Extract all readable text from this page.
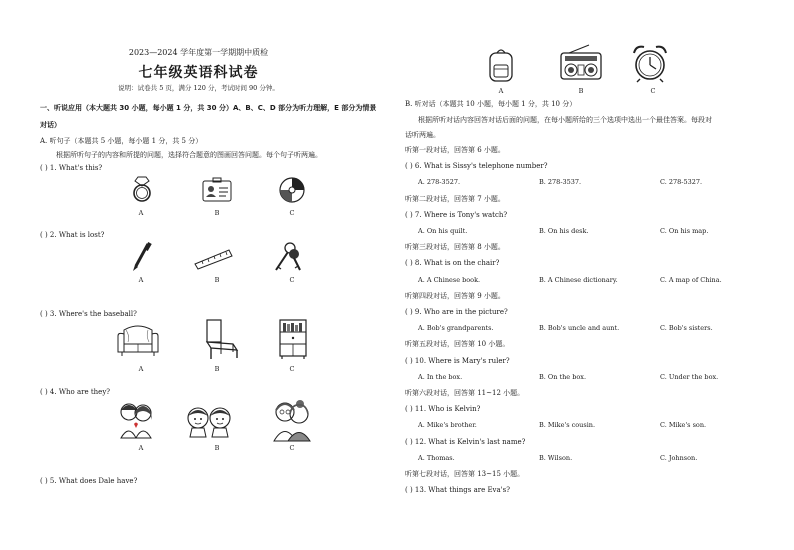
2023—2024 学年度第一学期期中质检
七年级英语科试卷
说明：试卷共 5 页，满分 120 分，考试时间 90 分钟。
一、听说应用（本大题共 30 小题，每小题 1 分，共 30 分）A、B、C、D 部分为听力理解，E 部分为情景
对话）
A. 听句子（本题共 5 小题，每小题 1 分，共 5 分）
根据所听句子的内容和所提的问题，选择符合题意的图画回答问题。每个句子听两遍。
( ) 1. What's this?
A	B	C
( ) 2. What is lost?
A	B	C
( ) 3. Where's the baseball?
A	B	C
( ) 4. Who are they?
A	B	C
( ) 5. What does Dale have?
A	B	C
B. 听对话（本题共 10 小题，每小题 1 分，共 10 分）
根据所听对话内容回答对话后面的问题，在每小题所给的三个选项中选出一个最佳答案。每段对
话听两遍。
听第一段对话，回答第 6 小题。
( ) 6. What is Sissy's telephone number?
A. 278-3527.	B. 278-3537.	C. 278-5327.
听第二段对话，回答第 7 小题。
( ) 7. Where is Tony's watch?
A. On his quilt.	B. On his desk.	C. On his map.
听第三段对话，回答第 8 小题。
( ) 8. What is on the chair?
A. A Chinese book.	B. A Chinese dictionary.	C. A map of China.
听第四段对话，回答第 9 小题。
( ) 9. Who are in the picture?
A. Bob's grandparents.	B. Bob's uncle and aunt.	C. Bob's sisters.
听第五段对话，回答第 10 小题。
( ) 10. Where is Mary's ruler?
A. In the box.	B. On the box.	C. Under the box.
听第六段对话，回答第 11~12 小题。
( ) 11. Who is Kelvin?
A. Mike's brother.	B. Mike's cousin.	C. Mike's son.
( ) 12. What is Kelvin's last name?
A. Thomas.	B. Wilson.	C. Johnson.
听第七段对话，回答第 13~15 小题。
( ) 13. What things are Eva's?
